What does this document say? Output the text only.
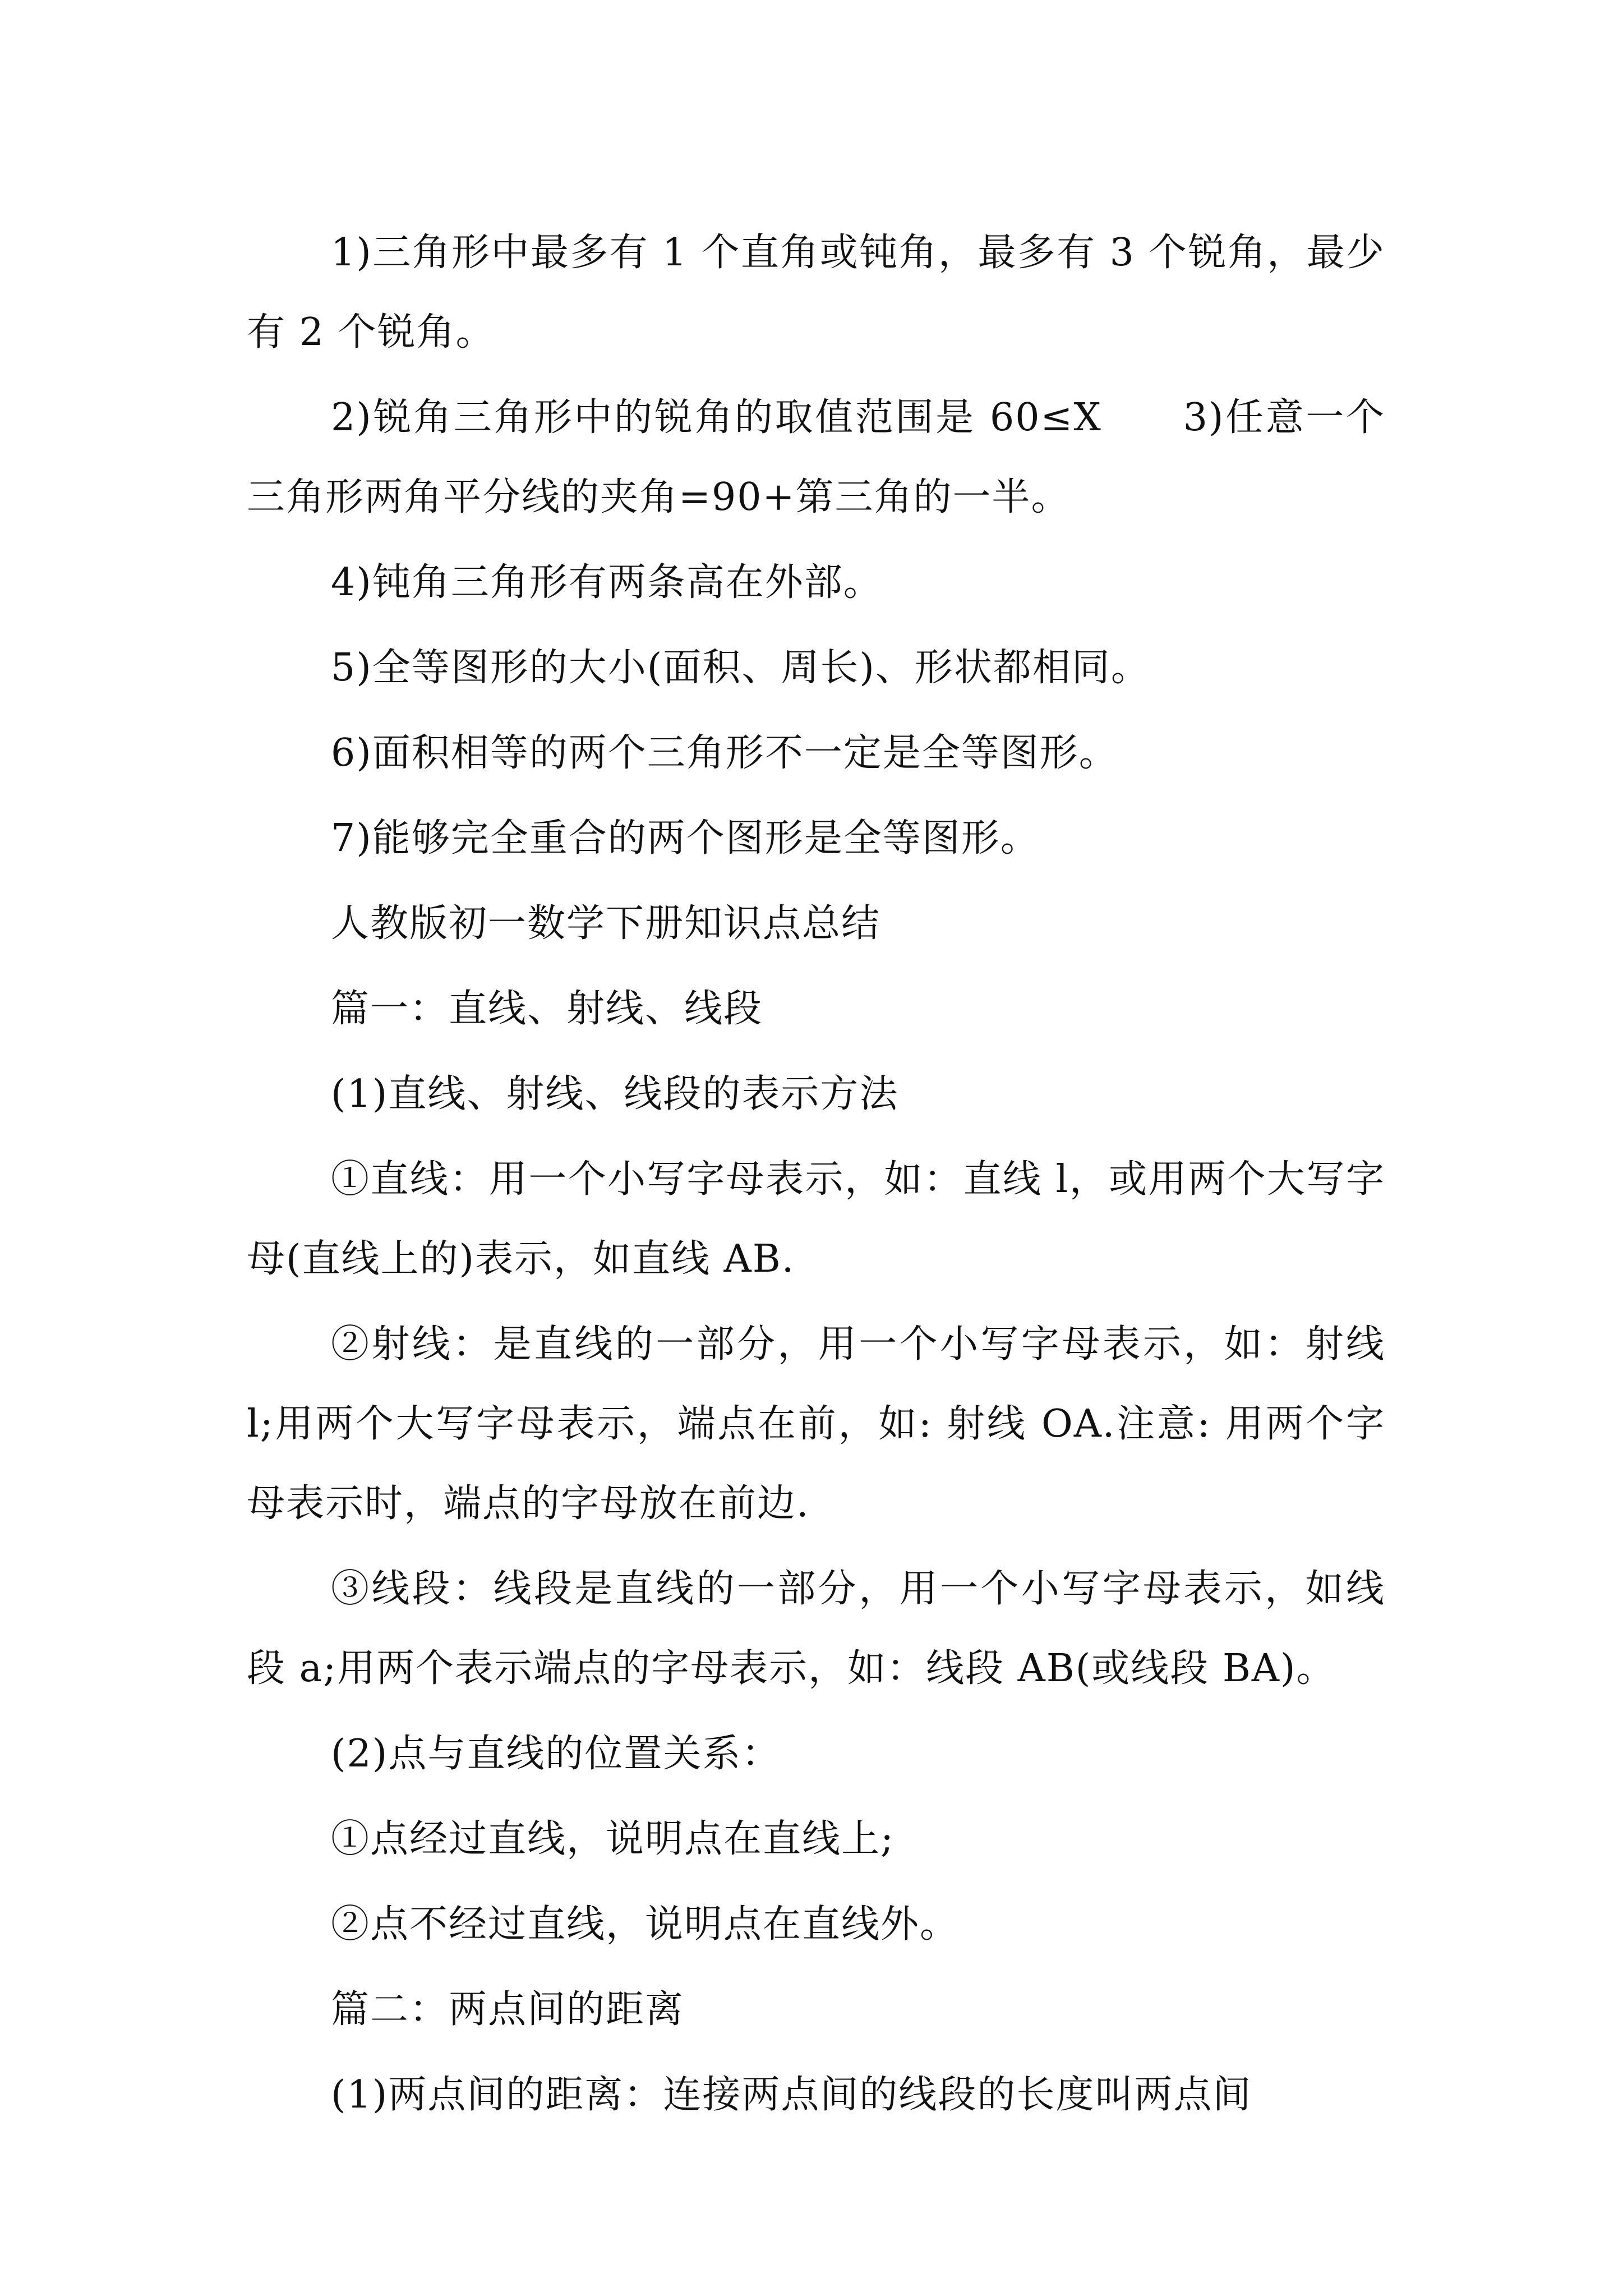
1)三角形中最多有 1 个直角或钝角，最多有 3 个锐角，最少有 2 个锐角。

2)锐角三角形中的锐角的取值范围是 60≤X　　3)任意一个三角形两角平分线的夹角=90+第三角的一半。

4)钝角三角形有两条高在外部。

5)全等图形的大小(面积、周长)、形状都相同。

6)面积相等的两个三角形不一定是全等图形。

7)能够完全重合的两个图形是全等图形。

人教版初一数学下册知识点总结

篇一：直线、射线、线段

(1)直线、射线、线段的表示方法

①直线：用一个小写字母表示，如：直线 l，或用两个大写字母(直线上的)表示，如直线 AB.

②射线：是直线的一部分，用一个小写字母表示，如：射线 l;用两个大写字母表示，端点在前，如: 射线 OA.注意: 用两个字母表示时，端点的字母放在前边.

③线段：线段是直线的一部分，用一个小写字母表示，如线段 a;用两个表示端点的字母表示，如：线段 AB(或线段 BA)。

(2)点与直线的位置关系：

①点经过直线，说明点在直线上;

②点不经过直线，说明点在直线外。

篇二：两点间的距离

(1)两点间的距离：连接两点间的线段的长度叫两点间
